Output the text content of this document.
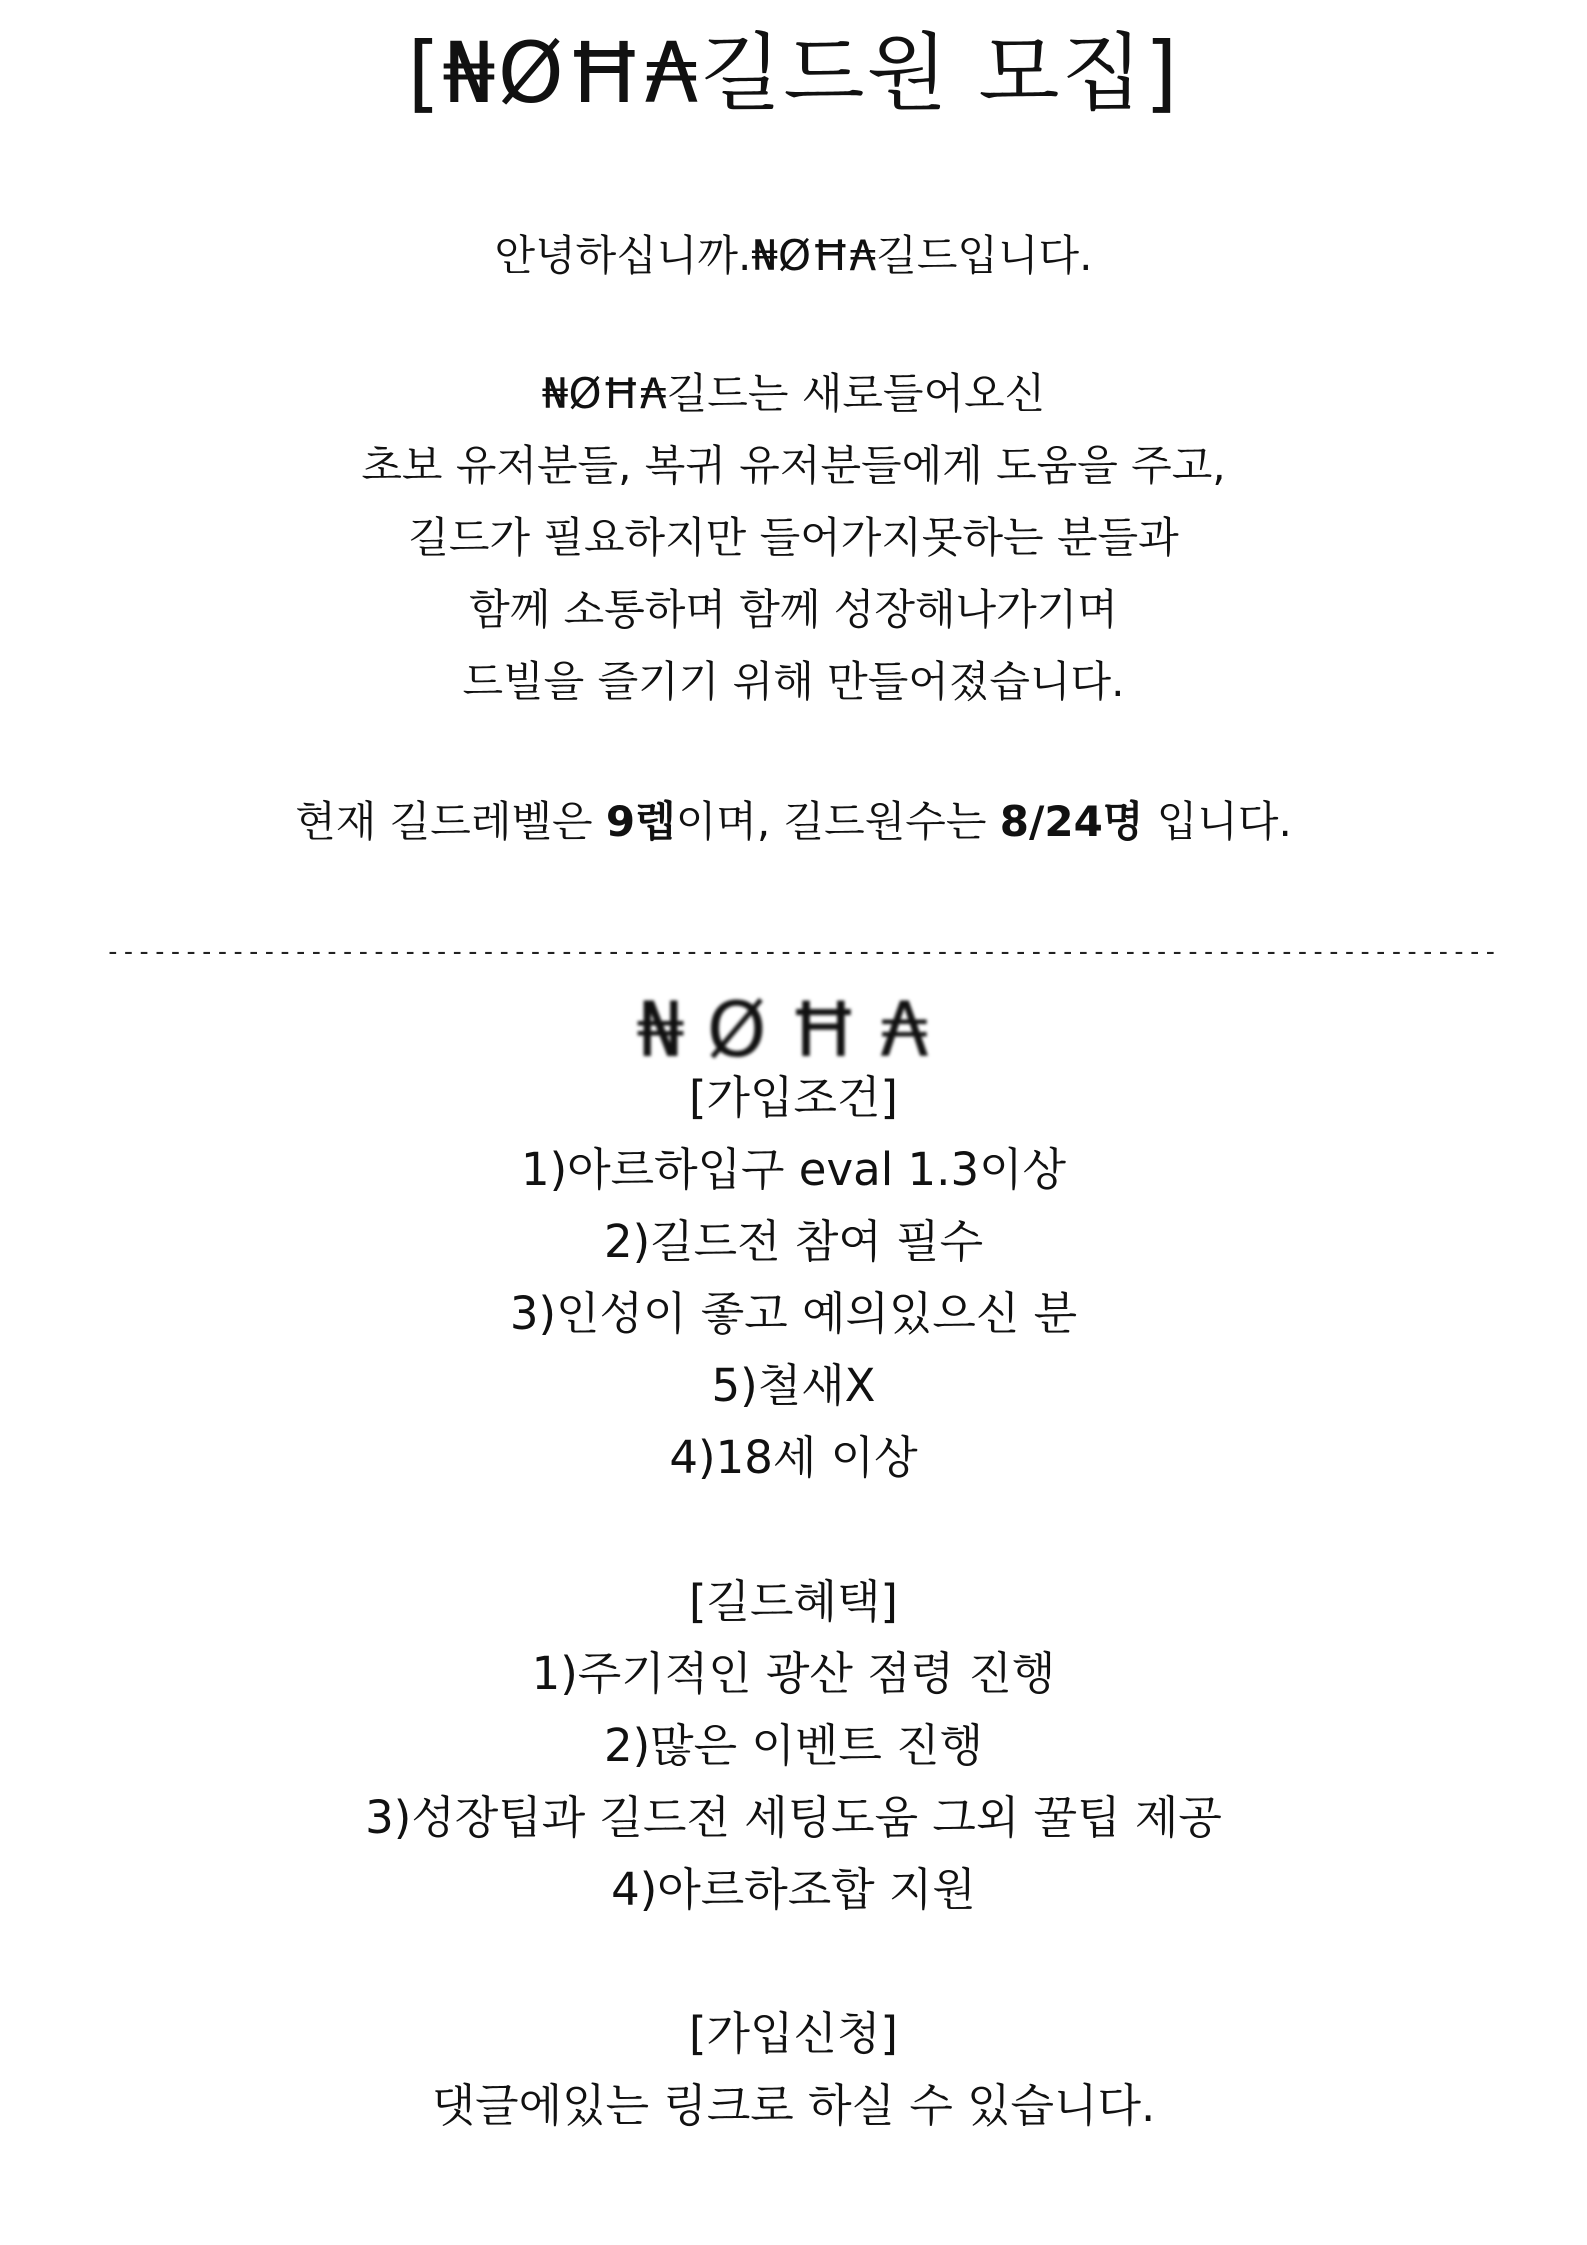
[₦ØĦ₳길드원 모집]

안녕하십니까.₦ØĦ₳길드입니다.

₦ØĦ₳길드는 새로들어오신

초보 유저분들, 복귀 유저분들에게 도움을 주고,

길드가 필요하지만 들어가지못하는 분들과

함께 소통하며 함께 성장해나가기며

드빌을 즐기기 위해 만들어졌습니다.

현재 길드레벨은 9렙이며, 길드원수는 8/24명 입니다.

-----------------------------------------------------------------------------------------
₦ØĦ₳
[가입조건]
1)아르하입구 eval 1.3이상
2)길드전 참여 필수
3)인성이 좋고 예의있으신 분
5)철새X
4)18세 이상
[길드혜택]
1)주기적인 광산 점령 진행
2)많은 이벤트 진행
3)성장팁과 길드전 세팅도움 그외 꿀팁 제공
4)아르하조합 지원
[가입신청]
댓글에있는 링크로 하실 수 있습니다.
